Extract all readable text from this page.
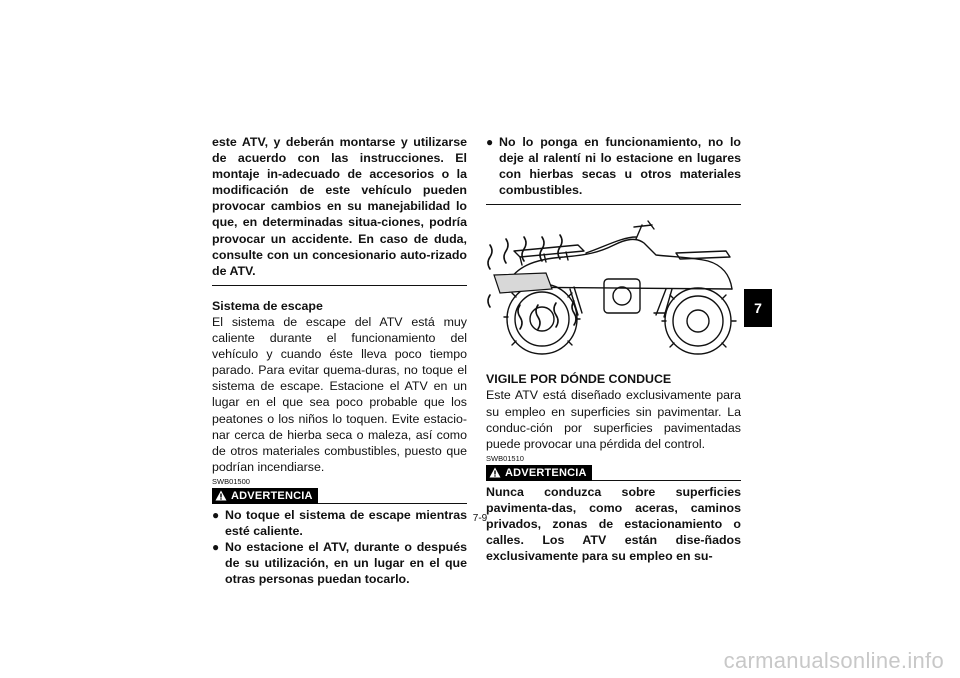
este ATV, y deberán montarse y utilizarse de acuerdo con las instrucciones. El montaje in-adecuado de accesorios o la modificación de este vehículo pueden provocar cambios en su manejabilidad lo que, en determinadas situa-ciones, podría provocar un accidente. En caso de duda, consulte con un concesionario auto-rizado de ATV.
Sistema de escape
El sistema de escape del ATV está muy caliente durante el funcionamiento del vehículo y cuando éste lleva poco tiempo parado. Para evitar quema-duras, no toque el sistema de escape. Estacione el ATV en un lugar en el que sea poco probable que los peatones o los niños lo toquen. Evite estacio-nar cerca de hierba seca o maleza, así como de otros materiales combustibles, puesto que podrían incendiarse.
SWB01500
ADVERTENCIA
● No toque el sistema de escape mientras esté caliente.
● No estacione el ATV, durante o después de su utilización, en un lugar en el que otras personas puedan tocarlo.
● No lo ponga en funcionamiento, no lo deje al ralentí ni lo estacione en lugares con hierbas secas u otros materiales combustibles.
VIGILE POR DÓNDE CONDUCE
Este ATV está diseñado exclusivamente para su empleo en superficies sin pavimentar. La conduc-ción por superficies pavimentadas puede provocar una pérdida del control.
SWB01510
ADVERTENCIA
Nunca conduzca sobre superficies pavimenta-das, como aceras, caminos privados, zonas de estacionamiento o calles. Los ATV están dise-ñados exclusivamente para su empleo en su-
7
7-9
carmanualsonline.info
